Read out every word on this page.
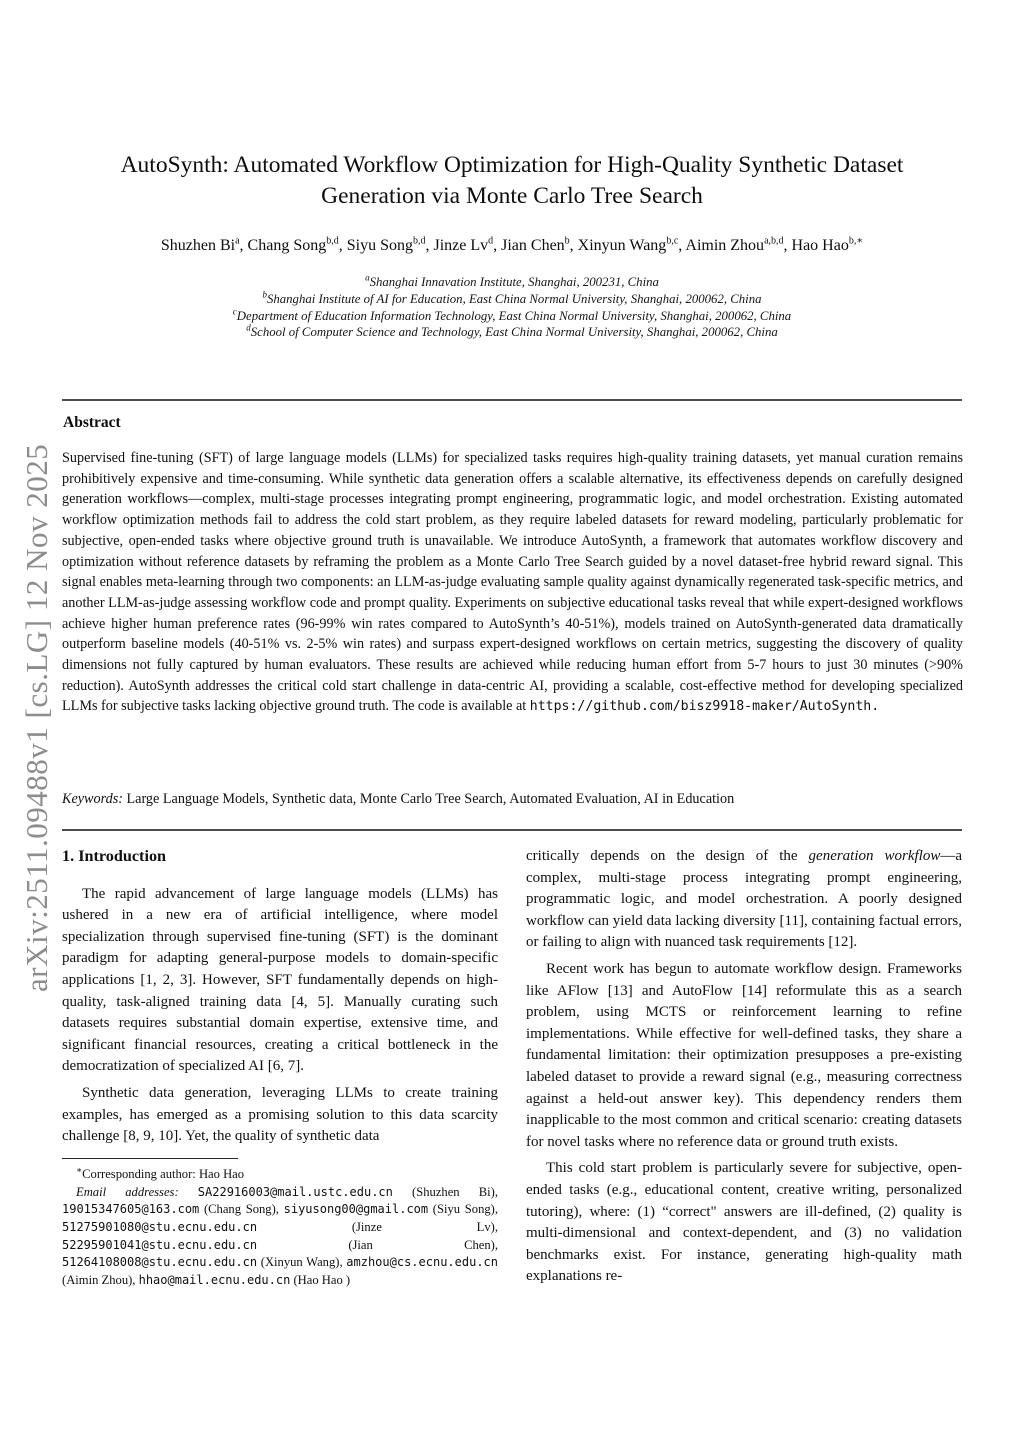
arXiv:2511.09488v1 [cs.LG] 12 Nov 2025
AutoSynth: Automated Workflow Optimization for High-Quality Synthetic Dataset Generation via Monte Carlo Tree Search
Shuzhen Bi$^a$, Chang Song$^{b,d}$, Siyu Song$^{b,d}$, Jinze Lv$^d$, Jian Chen$^b$, Xinyun Wang$^{b,c}$, Aimin Zhou$^{a,b,d}$, Hao Hao$^{b,∗}$
$^a$Shanghai Innavation Institute, Shanghai, 200231, China
$^b$Shanghai Institute of AI for Education, East China Normal University, Shanghai, 200062, China
$^c$Department of Education Information Technology, East China Normal University, Shanghai, 200062, China
$^d$School of Computer Science and Technology, East China Normal University, Shanghai, 200062, China
Abstract
Supervised fine-tuning (SFT) of large language models (LLMs) for specialized tasks requires high-quality training datasets, yet manual curation remains prohibitively expensive and time-consuming. While synthetic data generation offers a scalable alternative, its effectiveness depends on carefully designed generation workflows—complex, multi-stage processes integrating prompt engineering, programmatic logic, and model orchestration. Existing automated workflow optimization methods fail to address the cold start problem, as they require labeled datasets for reward modeling, particularly problematic for subjective, open-ended tasks where objective ground truth is unavailable. We introduce AutoSynth, a framework that automates workflow discovery and optimization without reference datasets by reframing the problem as a Monte Carlo Tree Search guided by a novel dataset-free hybrid reward signal. This signal enables meta-learning through two components: an LLM-as-judge evaluating sample quality against dynamically regenerated task-specific metrics, and another LLM-as-judge assessing workflow code and prompt quality. Experiments on subjective educational tasks reveal that while expert-designed workflows achieve higher human preference rates (96-99% win rates compared to AutoSynth’s 40-51%), models trained on AutoSynth-generated data dramatically outperform baseline models (40-51% vs. 2-5% win rates) and surpass expert-designed workflows on certain metrics, suggesting the discovery of quality dimensions not fully captured by human evaluators. These results are achieved while reducing human effort from 5-7 hours to just 30 minutes (>90% reduction). AutoSynth addresses the critical cold start challenge in data-centric AI, providing a scalable, cost-effective method for developing specialized LLMs for subjective tasks lacking objective ground truth. The code is available at https://github.com/bisz9918-maker/AutoSynth.
Keywords: Large Language Models, Synthetic data, Monte Carlo Tree Search, Automated Evaluation, AI in Education
1. Introduction

The rapid advancement of large language models (LLMs) has ushered in a new era of artificial intelligence, where model specialization through supervised fine-tuning (SFT) is the dominant paradigm for adapting general-purpose models to domain-specific applications [1, 2, 3]. However, SFT fundamentally depends on high-quality, task-aligned training data [4, 5]. Manually curating such datasets requires substantial domain expertise, extensive time, and significant financial resources, creating a critical bottleneck in the democratization of specialized AI [6, 7].

Synthetic data generation, leveraging LLMs to create training examples, has emerged as a promising solution to this data scarcity challenge [8, 9, 10]. Yet, the quality of synthetic data

∗Corresponding author: Hao Hao

Email addresses: SA22916003@mail.ustc.edu.cn (Shuzhen Bi), 19015347605@163.com (Chang Song), siyusong00@gmail.com (Siyu Song), 51275901080@stu.ecnu.edu.cn (Jinze Lv), 52295901041@stu.ecnu.edu.cn (Jian Chen), 51264108008@stu.ecnu.edu.cn (Xinyun Wang), amzhou@cs.ecnu.edu.cn (Aimin Zhou), hhao@mail.ecnu.edu.cn (Hao Hao )

critically depends on the design of the generation workflow—a complex, multi-stage process integrating prompt engineering, programmatic logic, and model orchestration. A poorly designed workflow can yield data lacking diversity [11], containing factual errors, or failing to align with nuanced task requirements [12].

Recent work has begun to automate workflow design. Frameworks like AFlow [13] and AutoFlow [14] reformulate this as a search problem, using MCTS or reinforcement learning to refine implementations. While effective for well-defined tasks, they share a fundamental limitation: their optimization presupposes a pre-existing labeled dataset to provide a reward signal (e.g., measuring correctness against a held-out answer key). This dependency renders them inapplicable to the most common and critical scenario: creating datasets for novel tasks where no reference data or ground truth exists.

This cold start problem is particularly severe for subjective, open-ended tasks (e.g., educational content, creative writing, personalized tutoring), where: (1) “correct" answers are ill-defined, (2) quality is multi-dimensional and context-dependent, and (3) no validation benchmarks exist. For instance, generating high-quality math explanations re-
